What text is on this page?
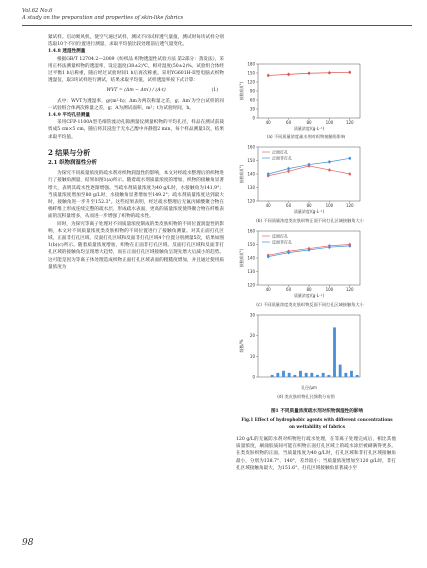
Vol.62 No.6
A study on the preparation and properties of skin-like fabrics

紧试样。启动吸风机，使空气通过试样，测试不同试样透气量值，测试时每块试样分别选取10个不同位置进行测量，求取平均值比较处理前后透气量变化。

1.4.8 透湿性测量

根据GB/T 12704.2—2009《纺织品 织物透湿性试验方法 第2部分：蒸发法》，采用正杯法测量织物的透湿率，设定温度(38±2)℃，相对湿度(50±2)%。试验组合体经过平衡1 h后称重，随后经过试验时间1 h后再次称重。采用YG601H-II型电脑式织物透湿仪，取3块试样进行测试，结果求取平均值，试样透湿率按下式计算：

WVT = (Δm − Δm′) / (A·t)	(1)

式中：WVT为透湿率，g/(m²·h)；Δm为两次称量之差，g；Δm′为空白试样的同一试验组合体两次称量之差，g；A为测试面积，m²；t为试验时间，h。

1.4.9 平均孔径测量

采用CFP-1100A型毛细管流动孔隙测量仪测量织物的平均孔径。样品在测试前裁剪成5 cm×5 cm，随后将其浸泡于无水乙醇中并静置2 min，每个样品测量3次，结果求取平均值。

2 结果与分析

2.1 织物润湿性分析

为探究不同质量浓度的疏水剂对织物润湿性的影响，本文对经疏水整理后的织物进行了接触角测量，结果如图1(a)所示。随着疏水剂质量浓度的增加，织物的接触角显著增大，表明其疏水性逐渐增强。当疏水剂质量浓度为40 g/L时，水接触角为141.9°；当质量浓度增加至80 g/L时，水接触角显著增加至149.2°；疏水剂质量浓度达到最大时，接触角进一步升至152.3°。这些结果表明，经过疏水整理后无氟丙烯酸聚合物在棉纤维上形成连续完整的疏水层，形成疏水表面，更高的质量浓度使得聚合物在纤维表面的沉积量增多，从而进一步增强了织物的疏水性。

同时，为探究等离子处理对不同质量浓度制成的类皮肤织物的不同位置润湿性的影响，本文对不同质量浓度类皮肤织物的不同位置进行了接触角测量。对其正面打孔区域、正面非打孔区域、反面打孔区域和反面非打孔区域4个位置分别测量5次，结果如图1(b)(c)所示。随着质量浓度增加，织物在正面非打孔区域、反面打孔区域和反面非打孔区域的接触角均呈现增大趋势，而在正面打孔区域接触角呈现先增大后减小的趋势。这可能是因为等离子体处理造成织物正面打孔区域表面的粗糙度增加，并且通过使用质量浓度为

0
30
60
90
120
150
180
40	60	80	100	120
质量浓度/(g·L⁻¹)
接触角/(°)
(a) 不同质量浓度疏水剂对织物接触角影响
120
130
140
150
160
40	60	80	100	120
质量浓度/(g·L⁻¹)
接触角/(°)
正面打孔
正面非打孔
(b) 不同质量浓度类皮肤织物正面不同打孔区域接触角大小
120
130
140
150
160
40	60	80	100	120
质量浓度/(g·L⁻¹)
接触角/(°)
反面打孔
反面非打孔
(c) 不同质量浓度类皮肤织物反面不同打孔区域接触角大小
0
10
20
30
孔径/μm
频数/%
(d) 类皮肤织物孔径频数分布图
图1 不同质量浓度疏水剂对织物润湿性的影响
Fig.1 Effect of hydrophobic agents with different concentrations
on wettability of fabrics

120 g/L的无氟防水剂对织物进行疏水处理，在等离子处理完成后，相比其他质量浓度，刷涌胶质间可能在织物正面打孔区域上的疏水涂层被刷满得更多。在类皮肤织物的正面，当质量浓度为40 g/L时，打孔区域和非打孔区域接触角最小，分别为138.7°、140°，差异较小；当质量浓度增加至120 g/L时，非打孔区域接触角最大，为151.6°，打孔区域接触角显著减小至

98
